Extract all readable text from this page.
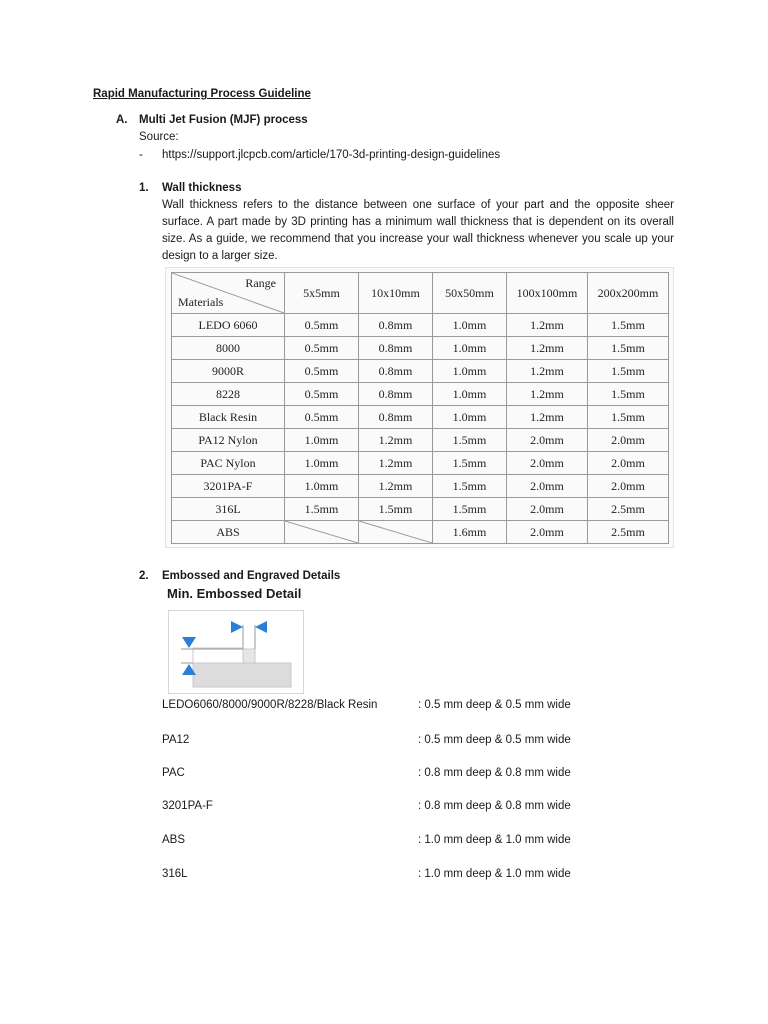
Rapid Manufacturing Process Guideline
A. Multi Jet Fusion (MJF) process
Source:
- https://support.jlcpcb.com/article/170-3d-printing-design-guidelines
1. Wall thickness
Wall thickness refers to the distance between one surface of your part and the opposite sheer surface. A part made by 3D printing has a minimum wall thickness that is dependent on its overall size. As a guide, we recommend that you increase your wall thickness whenever you scale up your design to a larger size.
Range
Materials	5x5mm	10x10mm	50x50mm	100x100mm	200x200mm
LEDO 6060	0.5mm	0.8mm	1.0mm	1.2mm	1.5mm
8000	0.5mm	0.8mm	1.0mm	1.2mm	1.5mm
9000R	0.5mm	0.8mm	1.0mm	1.2mm	1.5mm
8228	0.5mm	0.8mm	1.0mm	1.2mm	1.5mm
Black Resin	0.5mm	0.8mm	1.0mm	1.2mm	1.5mm
PA12 Nylon	1.0mm	1.2mm	1.5mm	2.0mm	2.0mm
PAC Nylon	1.0mm	1.2mm	1.5mm	2.0mm	2.0mm
3201PA-F	1.0mm	1.2mm	1.5mm	2.0mm	2.0mm
316L	1.5mm	1.5mm	1.5mm	2.0mm	2.5mm
ABS			1.6mm	2.0mm	2.5mm
2. Embossed and Engraved Details
Min. Embossed Detail
LEDO6060/8000/9000R/8228/Black Resin	: 0.5 mm deep & 0.5 mm wide
PA12	: 0.5 mm deep & 0.5 mm wide
PAC	: 0.8 mm deep & 0.8 mm wide
3201PA-F	: 0.8 mm deep & 0.8 mm wide
ABS	: 1.0 mm deep & 1.0 mm wide
316L	: 1.0 mm deep & 1.0 mm wide
